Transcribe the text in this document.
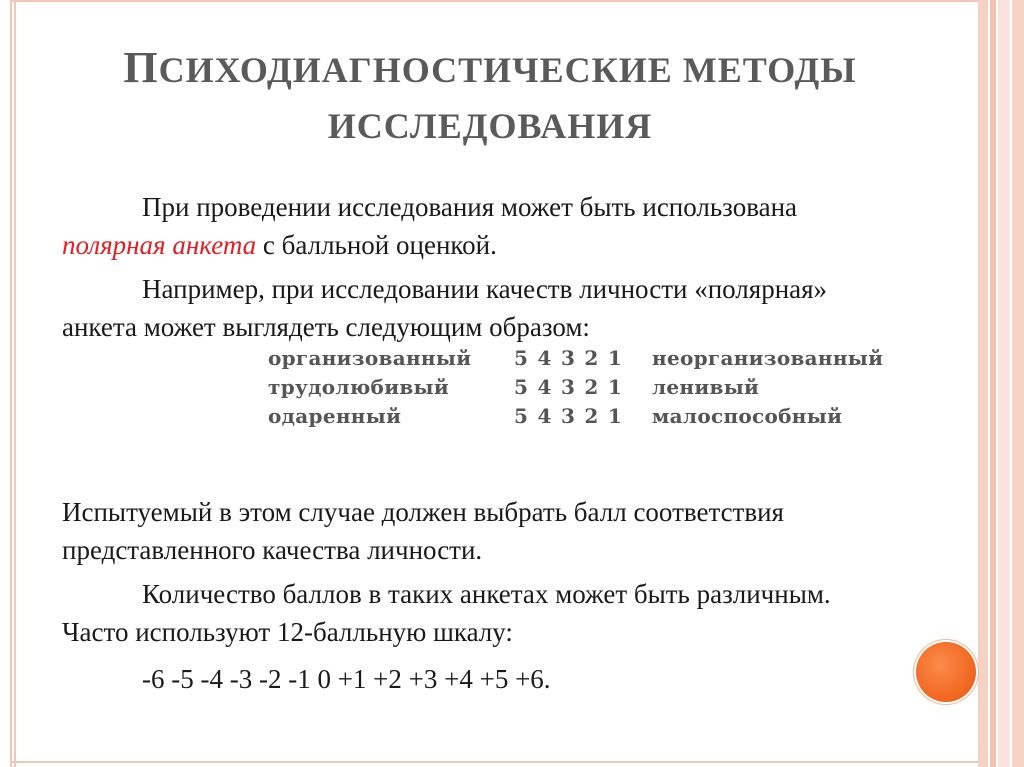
ПСИХОДИАГНОСТИЧЕСКИЕ МЕТОДЫ
ИССЛЕДОВАНИЯ
При проведении исследования может быть использована полярная анкета с балльной оценкой.
Например, при исследовании качеств личности «полярная» анкета может выглядеть следующим образом:
организованный 5 4 3 2 1 неорганизованный
трудолюбивый	5 4 3 2 1 ленивый
одаренный	5 4 3 2 1 малоспособный
Испытуемый в этом случае должен выбрать балл соответствия представленного качества личности.
Количество баллов в таких анкетах может быть различным. Часто используют 12-балльную шкалу:
-6 -5 -4 -3 -2 -1 0 +1 +2 +3 +4 +5 +6.
